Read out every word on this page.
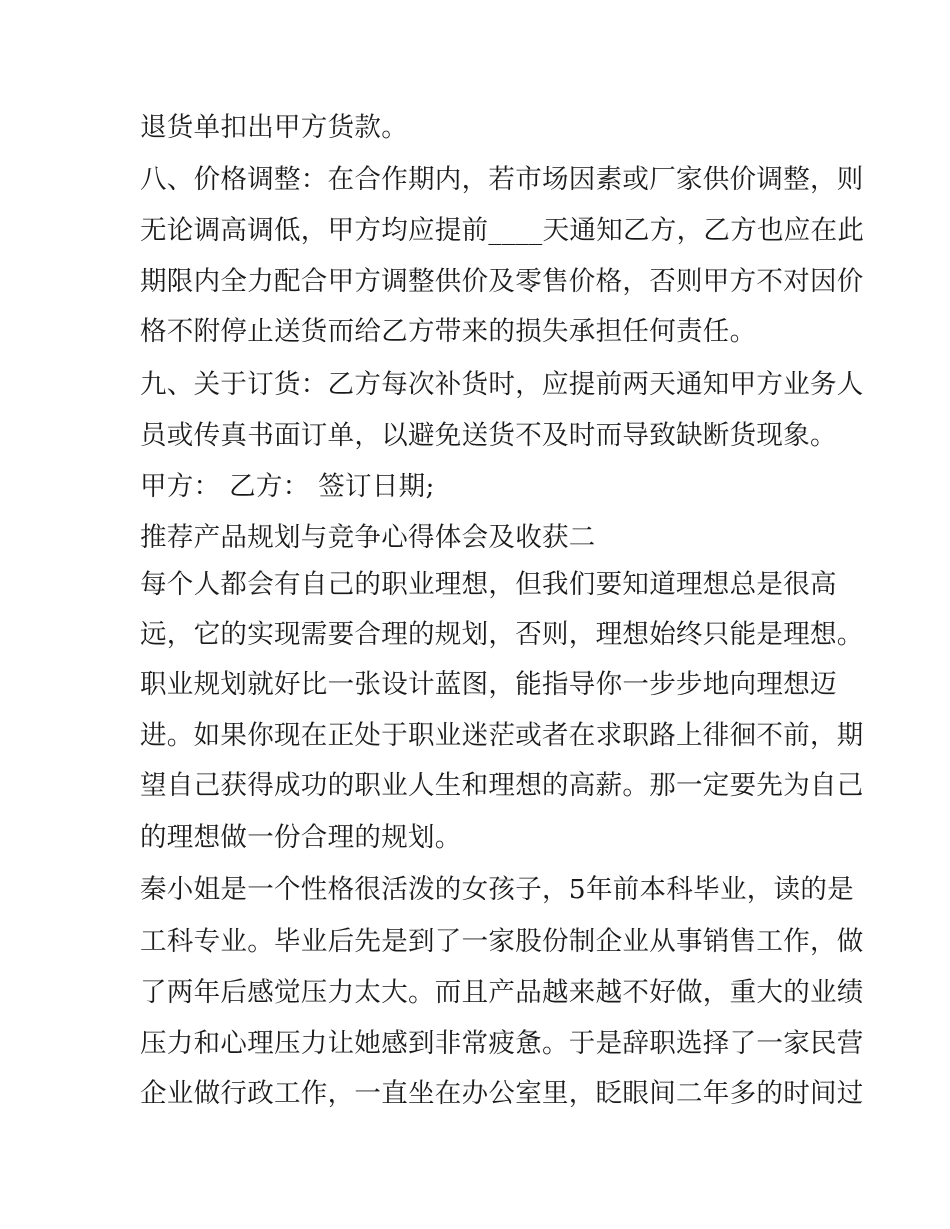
退货单扣出甲方货款。
八、价格调整：在合作期内，若市场因素或厂家供价调整，则
无论调高调低，甲方均应提前____天通知乙方，乙方也应在此
期限内全力配合甲方调整供价及零售价格，否则甲方不对因价
格不附停止送货而给乙方带来的损失承担任何责任。
九、关于订货：乙方每次补货时，应提前两天通知甲方业务人
员或传真书面订单，以避免送货不及时而导致缺断货现象。
甲方： 乙方： 签订日期;
推荐产品规划与竞争心得体会及收获二
每个人都会有自己的职业理想，但我们要知道理想总是很高
远，它的实现需要合理的规划，否则，理想始终只能是理想。
职业规划就好比一张设计蓝图，能指导你一步步地向理想迈
进。如果你现在正处于职业迷茫或者在求职路上徘徊不前，期
望自己获得成功的职业人生和理想的高薪。那一定要先为自己
的理想做一份合理的规划。
秦小姐是一个性格很活泼的女孩子，5年前本科毕业，读的是
工科专业。毕业后先是到了一家股份制企业从事销售工作，做
了两年后感觉压力太大。而且产品越来越不好做，重大的业绩
压力和心理压力让她感到非常疲惫。于是辞职选择了一家民营
企业做行政工作，一直坐在办公室里，眨眼间二年多的时间过
